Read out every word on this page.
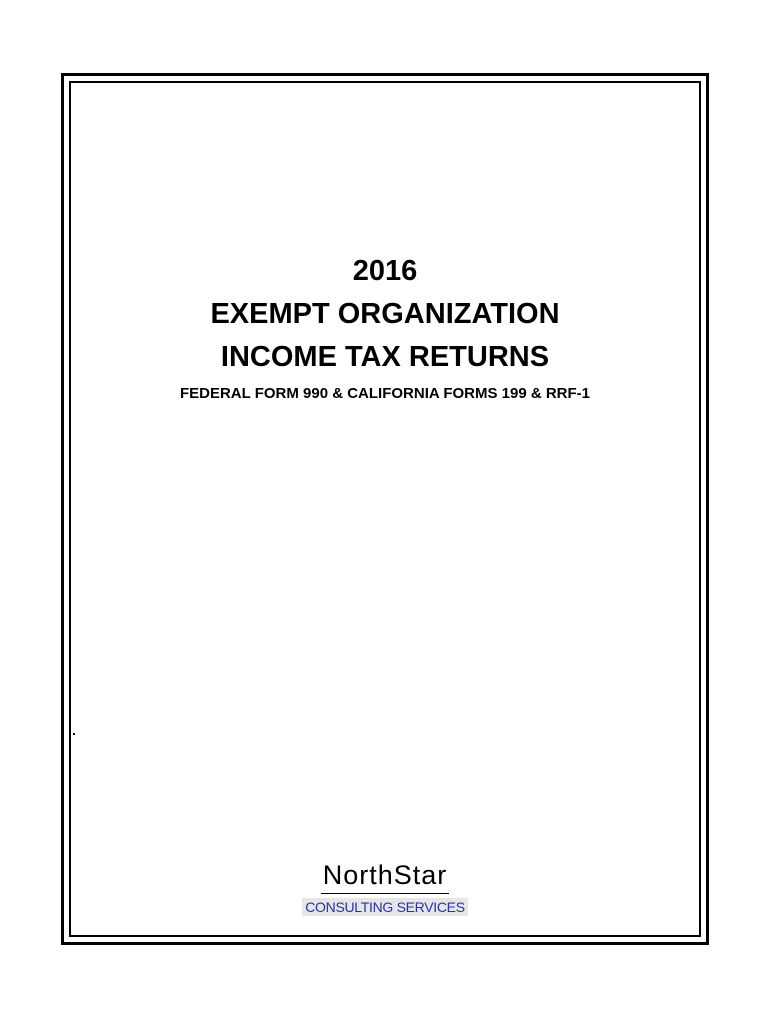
2016
EXEMPT ORGANIZATION
INCOME TAX RETURNS
FEDERAL FORM 990 & CALIFORNIA FORMS 199 & RRF-1
NorthStar
CONSULTING SERVICES
